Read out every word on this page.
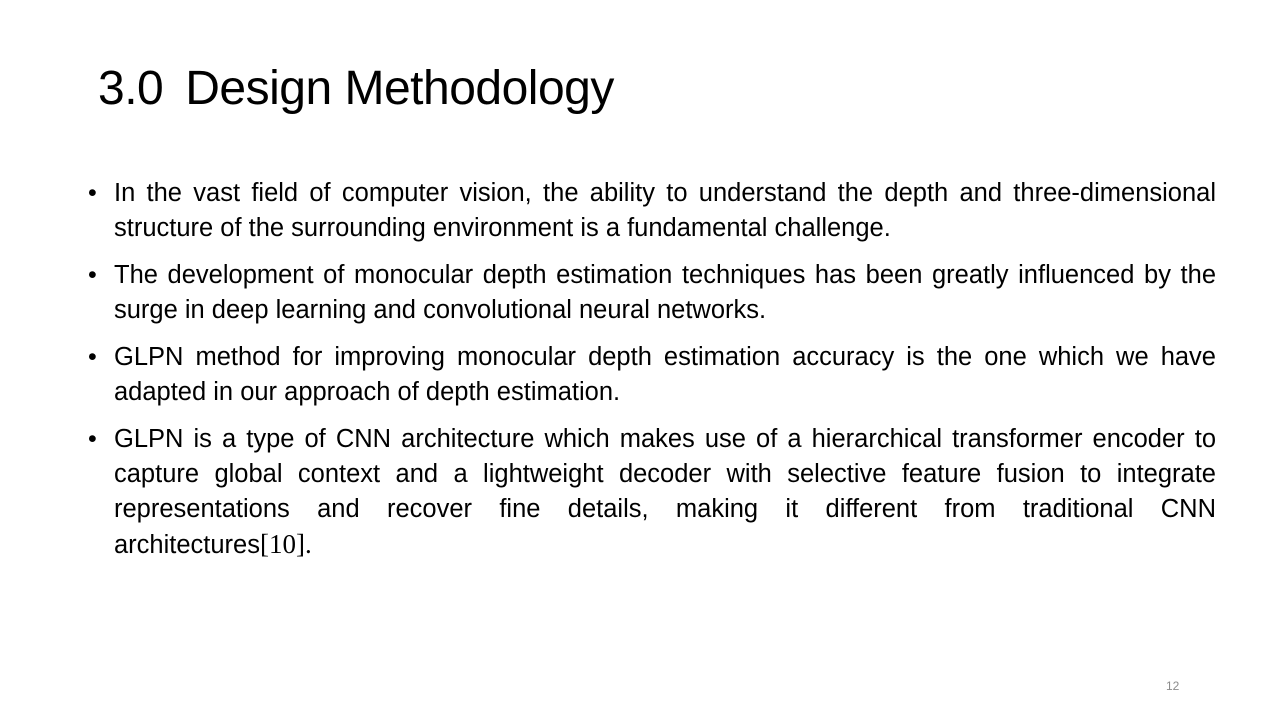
3.0 Design Methodology
• In the vast field of computer vision, the ability to understand the depth and three-dimensional structure of the surrounding environment is a fundamental challenge.
• The development of monocular depth estimation techniques has been greatly influenced by the surge in deep learning and convolutional neural networks.
• GLPN method for improving monocular depth estimation accuracy is the one which we have adapted in our approach of depth estimation.
• GLPN is a type of CNN architecture which makes use of a hierarchical transformer encoder to capture global context and a lightweight decoder with selective feature fusion to integrate representations and recover fine details, making it different from traditional CNN architectures[10].
12
